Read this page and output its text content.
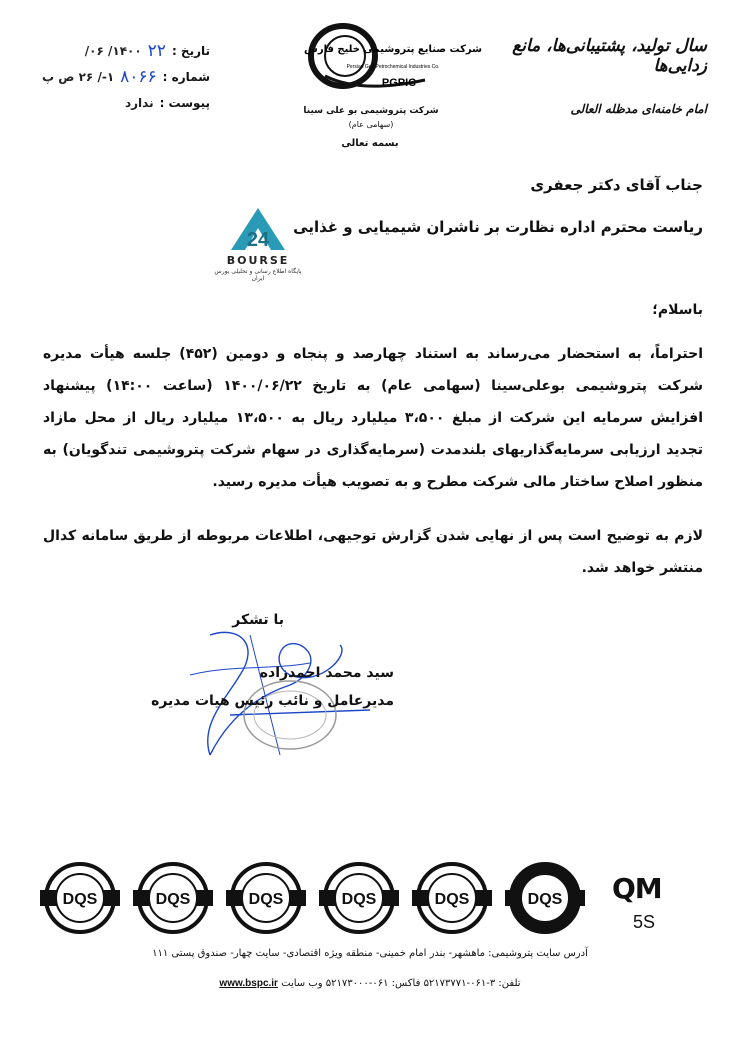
تاریخ :
۲۲
۱۴۰۰/ ۰۶/
شماره :
۸۰۶۶
۱-/ ۲۶ ص پ
پیوست :
ندارد
شرکت صنایع پتروشیمی خلیج فارس
Persian Gulf Petrochemical Industries Co.
PGPIC
شرکت پتروشیمی بو علی سینا
(سهامی عام)
بسمه تعالی
سال تولید، پشتیبانی‌ها، مانع زدایی‌ها
امام خامنه‌ای مدظله العالی
جناب آقای دکتر جعفری
ریاست محترم اداره نظارت بر ناشران شیمیایی و غذایی
24
BOURSE
پایگاه اطلاع رسانی و تحلیلی بورس ایران
باسلام؛
احتراماً، به استحضار می‌رساند به استناد چهارصد و پنجاه و دومین (۴۵۲) جلسه هیأت مدیره شرکت پتروشیمی بوعلی‌سینا (سهامی عام) به تاریخ ۱۴۰۰/۰۶/۲۲ (ساعت ۱۴:۰۰) پیشنهاد افزایش سرمایه این شرکت از مبلغ ۳،۵۰۰ میلیارد ریال به ۱۳،۵۰۰ میلیارد ریال از محل مازاد تجدید ارزیابی سرمایه‌گذاریهای بلندمدت (سرمایه‌گذاری در سهام شرکت پتروشیمی تندگویان) به منظور اصلاح ساختار مالی شرکت مطرح و به تصویب هیأت مدیره رسید.
لازم به توضیح است پس از نهایی شدن گزارش توجیهی، اطلاعات مربوطه از طریق سامانه کدال منتشر خواهد شد.
با تشکر
سید محمد احمدزاده
مدیرعامل و نائب رئیس هیات مدیره
DQS	DQS	DQS	DQS	DQS	DQS QM
5S
آدرس سایت پتروشیمی: ماهشهر- بندر امام خمینی- منطقه ویژه اقتصادی- سایت چهار- صندوق پستی ۱۱۱
تلفن: ۳-۰۶۱-۵۲۱۷۳۷۷۱ فاکس: ۰۶۱-۵۲۱۷۳۰۰۰ وب سایت www.bspc.ir
